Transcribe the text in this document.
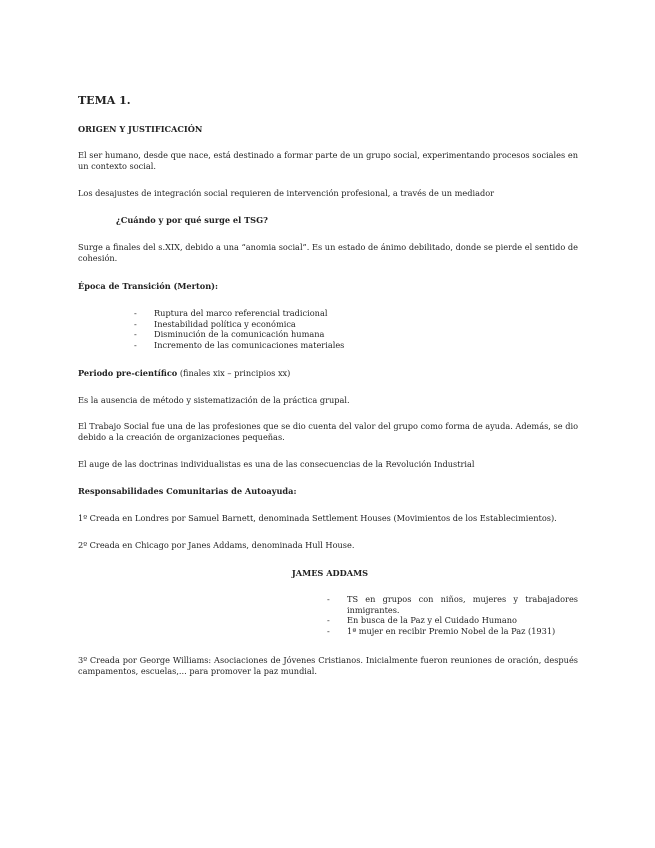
TEMA 1.
ORIGEN Y JUSTIFICACIÓN

El ser humano, desde que nace, está destinado a formar parte de un grupo social, experimentando procesos sociales en un contexto social.

Los desajustes de integración social requieren de intervención profesional, a través de un mediador

¿Cuándo y por qué surge el TSG?

Surge a finales del s.XIX, debido a una “anomia social”. Es un estado de ánimo debilitado, donde se pierde el sentido de cohesión.

Época de Transición (Merton):
- Ruptura del marco referencial tradicional
- Inestabilidad política y económica
- Disminución de la comunicación humana
- Incremento de las comunicaciones materiales

Periodo pre-científico (finales xix – principios xx)

Es la ausencia de método y sistematización de la práctica grupal.

El Trabajo Social fue una de las profesiones que se dio cuenta del valor del grupo como forma de ayuda. Además, se dio debido a la creación de organizaciones pequeñas.

El auge de las doctrinas individualistas es una de las consecuencias de la Revolución Industrial

Responsabilidades Comunitarias de Autoayuda:

1º Creada en Londres por Samuel Barnett, denominada Settlement Houses (Movimientos de los Establecimientos).

2º Creada en Chicago por Janes Addams, denominada Hull House.

JAMES ADDAMS
- TS en grupos con niños, mujeres y trabajadores inmigrantes.
- En busca de la Paz y el Cuidado Humano
- 1ª mujer en recibir Premio Nobel de la Paz (1931)

3º Creada por George Williams: Asociaciones de Jóvenes Cristianos. Inicialmente fueron reuniones de oración, después campamentos, escuelas,... para promover la paz mundial.
